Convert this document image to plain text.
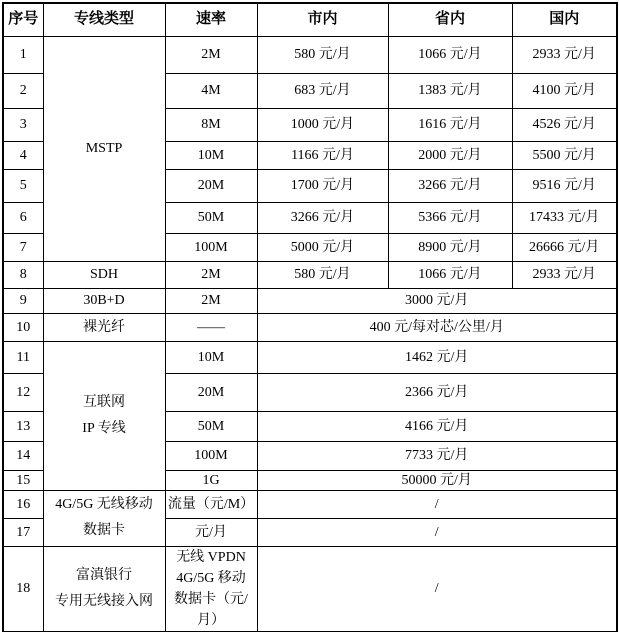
序号	专线类型	速率	市内	省内	国内
1	MSTP	2M	580 元/月	1066 元/月	2933 元/月
2		4M	683 元/月	1383 元/月	4100 元/月
3		8M	1000 元/月	1616 元/月	4526 元/月
4		10M	1166 元/月	2000 元/月	5500 元/月
5		20M	1700 元/月	3266 元/月	9516 元/月
6		50M	3266 元/月	5366 元/月	17433 元/月
7		100M	5000 元/月	8900 元/月	26666 元/月
8	SDH	2M	580 元/月	1066 元/月	2933 元/月
9	30B+D	2M	3000 元/月		
10	裸光纤	——	400 元/每对芯/公里/月		
11	互联网
IP 专线	10M	1462 元/月		
12		20M	2366 元/月		
13		50M	4166 元/月		
14		100M	7733 元/月		
15		1G	50000 元/月		
16	4G/5G 无线移动
数据卡	流量（元/M）	/		
17		元/月	/		
18	富滇银行
专用无线接入网	无线 VPDN
4G/5G 移动
数据卡（元/
月）	/		
